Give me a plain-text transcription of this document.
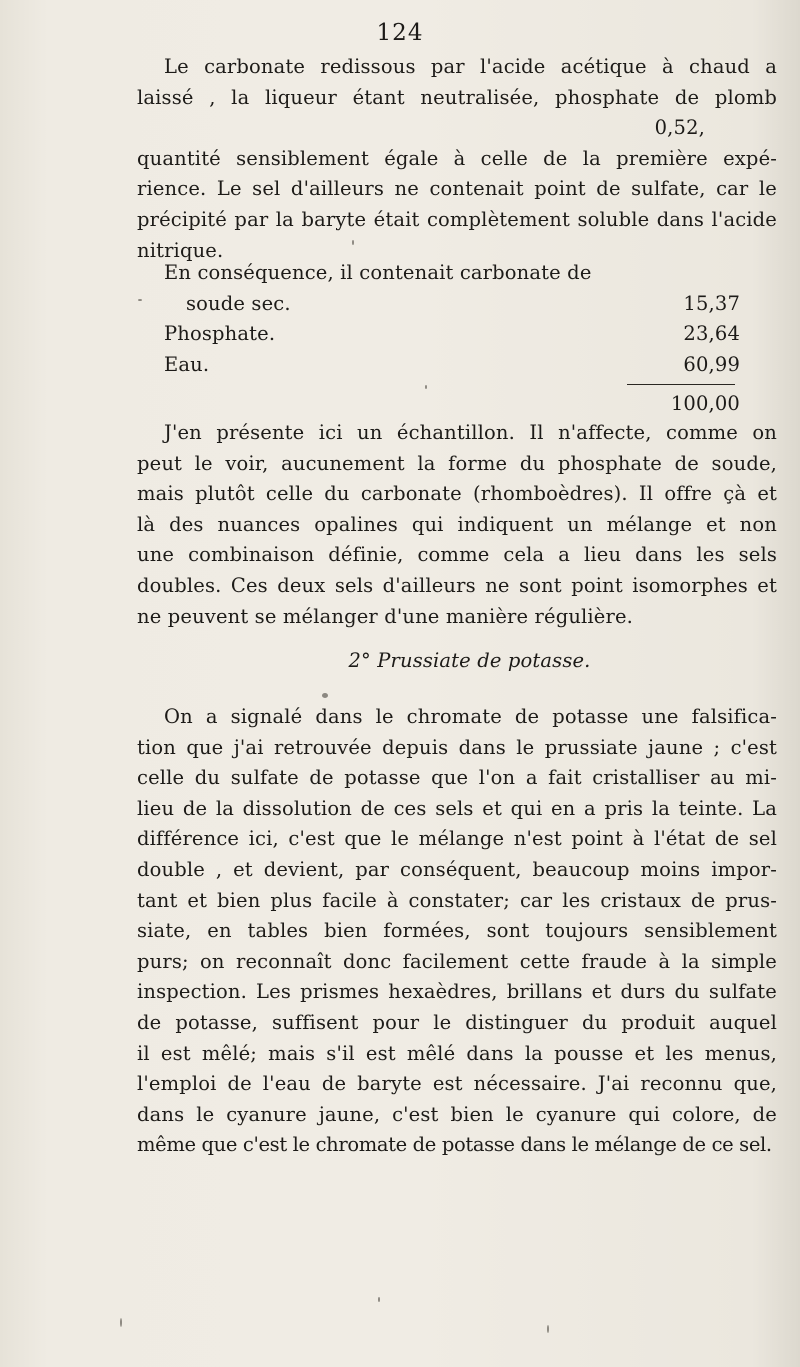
124
Le carbonate redissous par l'acide acétique à chaud a
laissé , la liqueur étant neutralisée, phosphate de plomb
0,52,
quantité sensiblement égale à celle de la première expé-
rience. Le sel d'ailleurs ne contenait point de sulfate, car le
précipité par la baryte était complètement soluble dans l'acide
nitrique.
En conséquence, il contenait carbonate de
soude sec.	15,37
Phosphate.	23,64
Eau.	60,99
100,00
J'en présente ici un échantillon. Il n'affecte, comme on
peut le voir, aucunement la forme du phosphate de soude,
mais plutôt celle du carbonate (rhomboèdres). Il offre çà et
là des nuances opalines qui indiquent un mélange et non
une combinaison définie, comme cela a lieu dans les sels
doubles. Ces deux sels d'ailleurs ne sont point isomorphes et
ne peuvent se mélanger d'une manière régulière.
2° Prussiate de potasse.
On a signalé dans le chromate de potasse une falsifica-
tion que j'ai retrouvée depuis dans le prussiate jaune ; c'est
celle du sulfate de potasse que l'on a fait cristalliser au mi-
lieu de la dissolution de ces sels et qui en a pris la teinte. La
différence ici, c'est que le mélange n'est point à l'état de sel
double , et devient, par conséquent, beaucoup moins impor-
tant et bien plus facile à constater; car les cristaux de prus-
siate, en tables bien formées, sont toujours sensiblement
purs; on reconnaît donc facilement cette fraude à la simple
inspection. Les prismes hexaèdres, brillans et durs du sulfate
de potasse, suffisent pour le distinguer du produit auquel
il est mêlé; mais s'il est mêlé dans la pousse et les menus,
l'emploi de l'eau de baryte est nécessaire. J'ai reconnu que,
dans le cyanure jaune, c'est bien le cyanure qui colore, de
même que c'est le chromate de potasse dans le mélange de ce sel.
